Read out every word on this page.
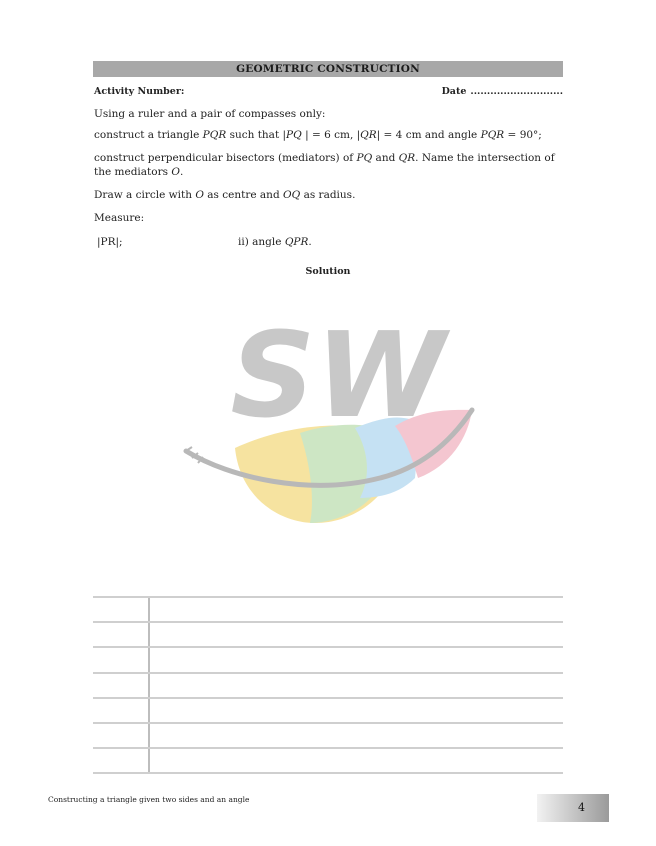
GEOMETRIC CONSTRUCTION
Activity Number:	Date ............................
Using a ruler and a pair of compasses only:
construct a triangle PQR such that |PQ | = 6 cm, |QR| = 4 cm and angle PQR = 90°;
construct perpendicular bisectors (mediators) of PQ and QR. Name the intersection of the mediators O.
Draw a circle with O as centre and OQ as radius.
Measure:
|PR|;	ii) angle QPR.
Solution
SW
Constructing a triangle given two sides and an angle
4
